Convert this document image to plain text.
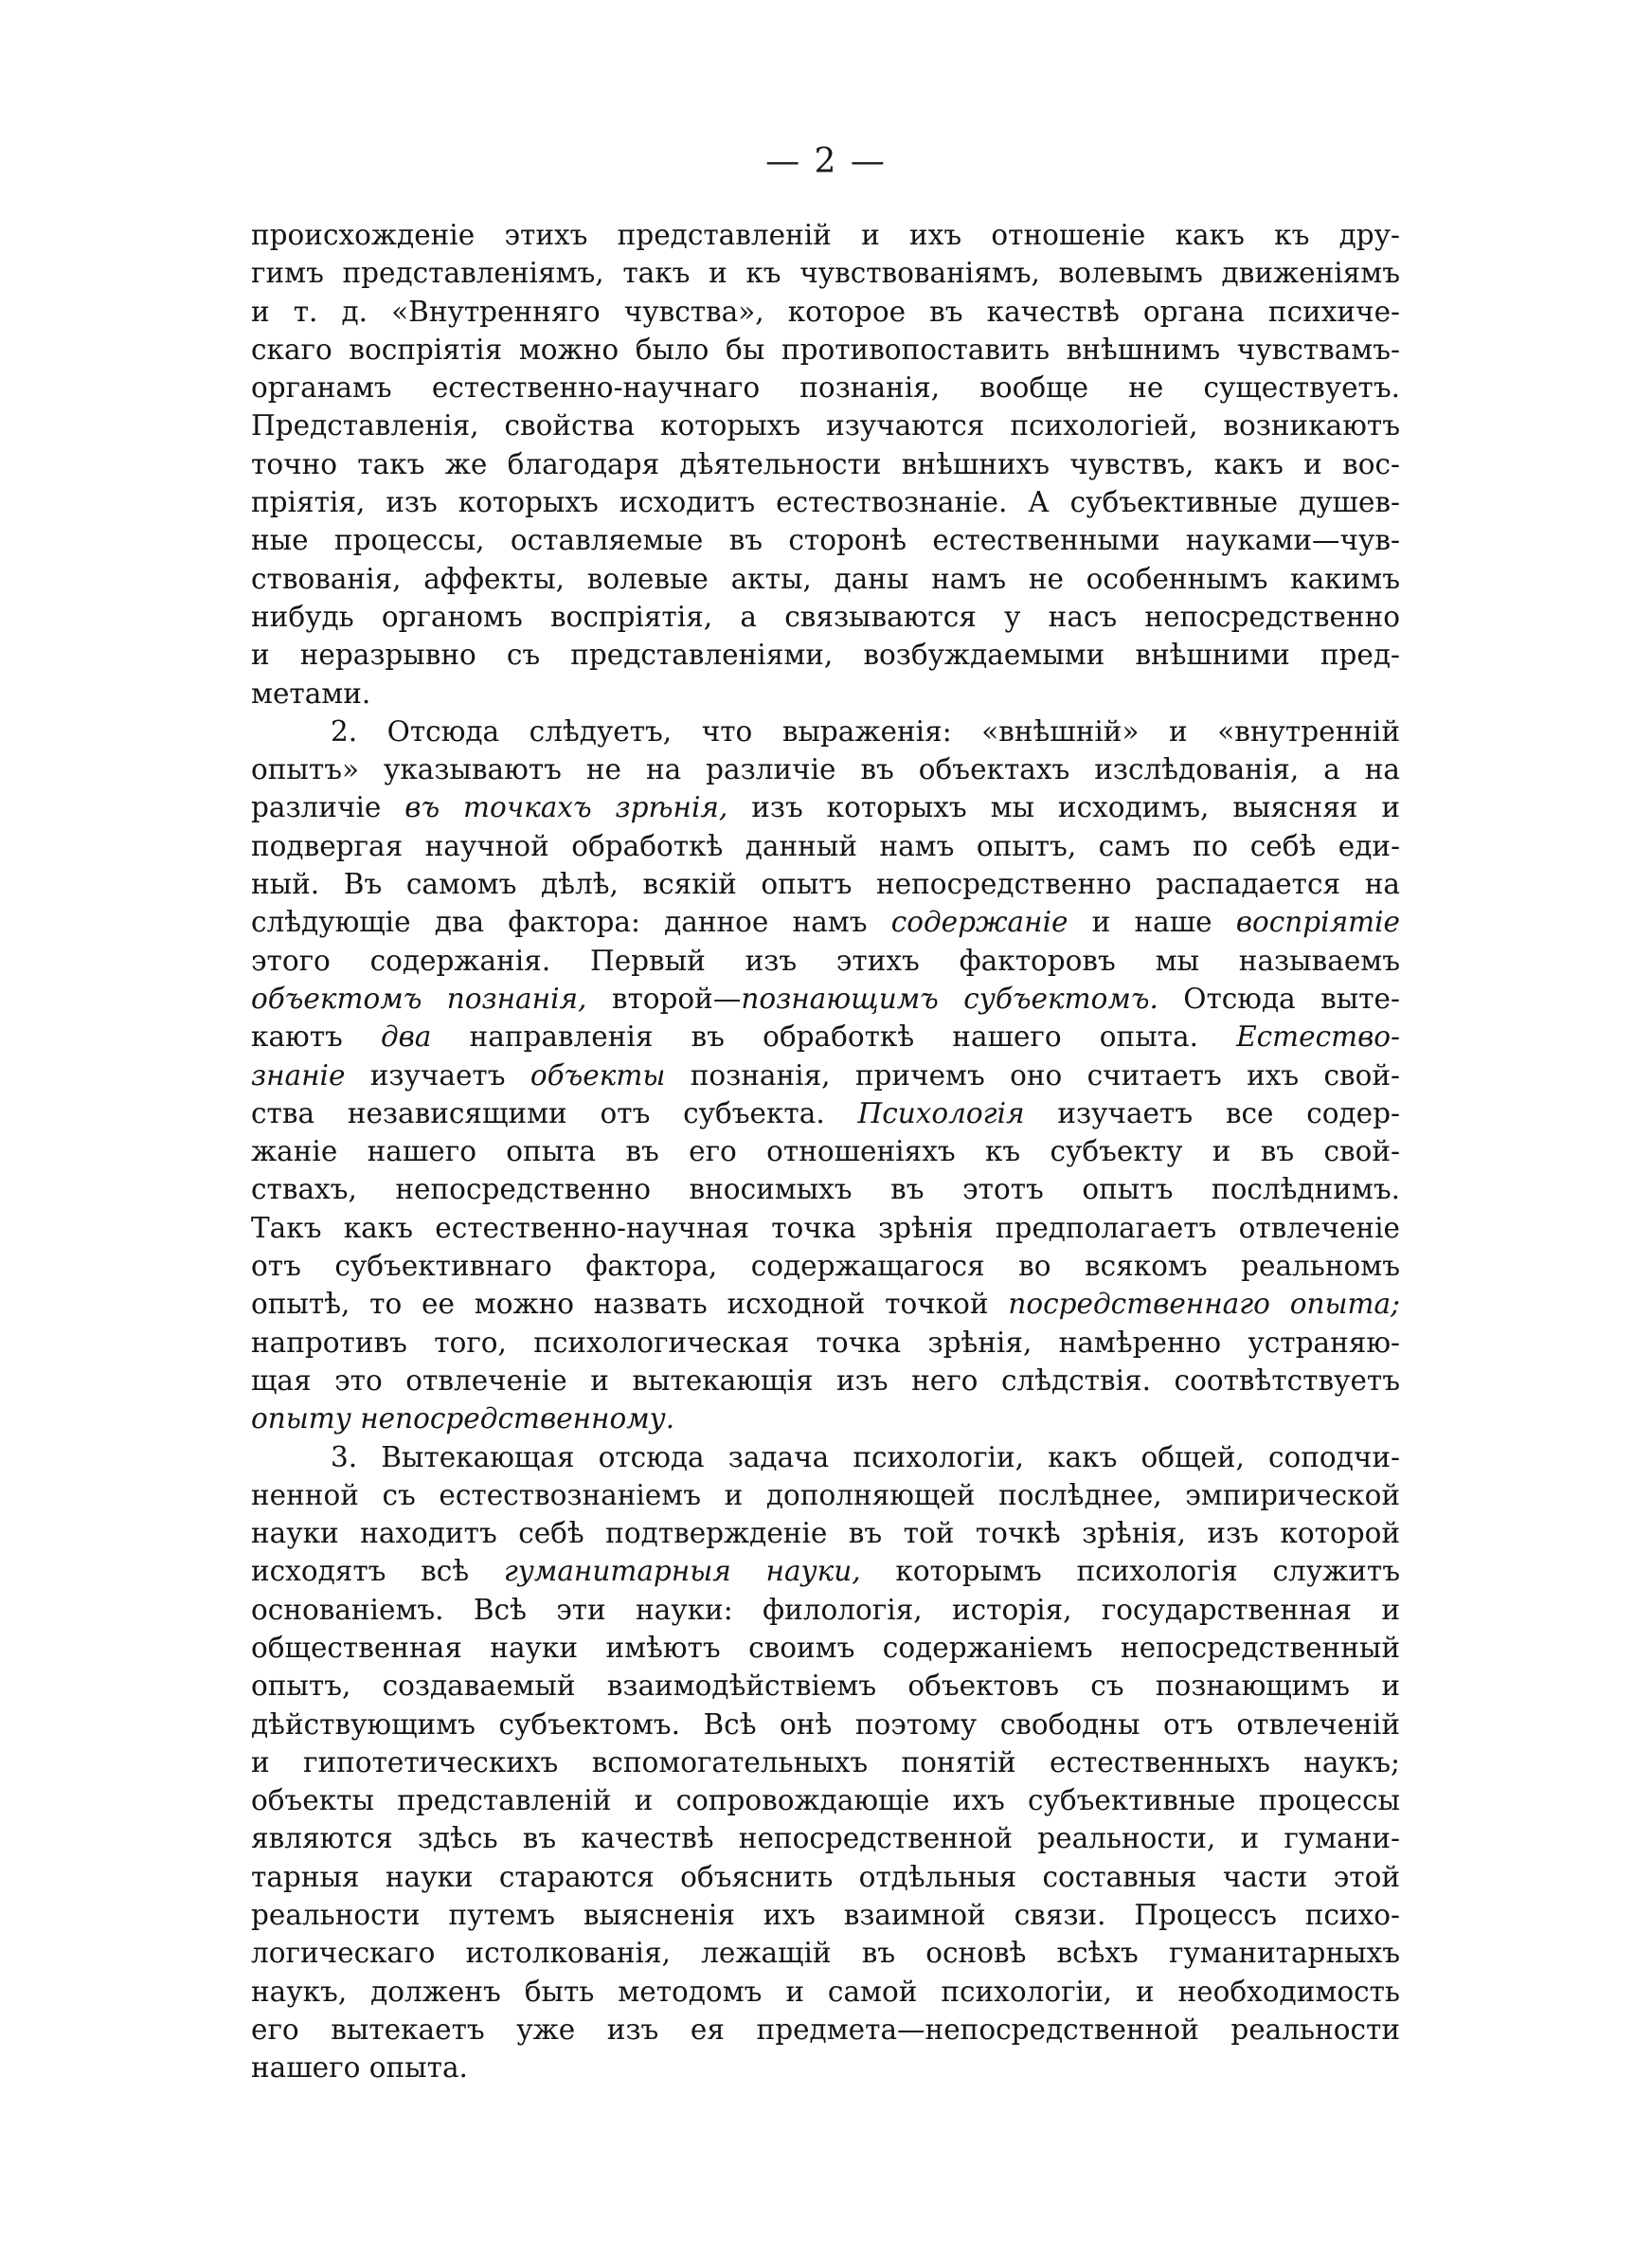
— 2 —
происхожденіе этихъ представленій и ихъ отношеніе какъ къ дру-
гимъ представленіямъ, такъ и къ чувствованіямъ, волевымъ движеніямъ
и т. д. «Внутренняго чувства», которое въ качествѣ органа психиче-
скаго воспріятія можно было бы противопоставить внѣшнимъ чувствамъ-
органамъ естественно-научнаго познанія, вообще не существуетъ.
Представленія, свойства которыхъ изучаются психологіей, возникаютъ
точно такъ же благодаря дѣятельности внѣшнихъ чувствъ, какъ и вос-
пріятія, изъ которыхъ исходитъ естествознаніе. А субъективные душев-
ные процессы, оставляемые въ сторонѣ естественными науками—чув-
ствованія, аффекты, волевые акты, даны намъ не особеннымъ какимъ
нибудь органомъ воспріятія, а связываются у насъ непосредственно
и неразрывно съ представленіями, возбуждаемыми внѣшними пред-
метами.
2. Отсюда слѣдуетъ, что выраженія: «внѣшній» и «внутренній
опытъ» указываютъ не на различіе въ объектахъ изслѣдованія, а на
различіе въ точкахъ зрѣнія, изъ которыхъ мы исходимъ, выясняя и
подвергая научной обработкѣ данный намъ опытъ, самъ по себѣ еди-
ный. Въ самомъ дѣлѣ, всякій опытъ непосредственно распадается на
слѣдующіе два фактора: данное намъ содержаніе и наше воспріятіе
этого содержанія. Первый изъ этихъ факторовъ мы называемъ
объектомъ познанія, второй—познающимъ субъектомъ. Отсюда выте-
каютъ два направленія въ обработкѣ нашего опыта. Естество-
знаніе изучаетъ объекты познанія, причемъ оно считаетъ ихъ свой-
ства независящими отъ субъекта. Психологія изучаетъ все содер-
жаніе нашего опыта въ его отношеніяхъ къ субъекту и въ свой-
ствахъ, непосредственно вносимыхъ въ этотъ опытъ послѣднимъ.
Такъ какъ естественно-научная точка зрѣнія предполагаетъ отвлеченіе
отъ субъективнаго фактора, содержащагося во всякомъ реальномъ
опытѣ, то ее можно назвать исходной точкой посредственнаго опыта;
напротивъ того, психологическая точка зрѣнія, намѣренно устраняю-
щая это отвлеченіе и вытекающія изъ него слѣдствія. соотвѣтствуетъ
опыту непосредственному.
3. Вытекающая отсюда задача психологіи, какъ общей, соподчи-
ненной съ естествознаніемъ и дополняющей послѣднее, эмпирической
науки находитъ себѣ подтвержденіе въ той точкѣ зрѣнія, изъ которой
исходятъ всѣ гуманитарныя науки, которымъ психологія служитъ
основаніемъ. Всѣ эти науки: филологія, исторія, государственная и
общественная науки имѣютъ своимъ содержаніемъ непосредственный
опытъ, создаваемый взаимодѣйствіемъ объектовъ съ познающимъ и
дѣйствующимъ субъектомъ. Всѣ онѣ поэтому свободны отъ отвлеченій
и гипотетическихъ вспомогательныхъ понятій естественныхъ наукъ;
объекты представленій и сопровождающіе ихъ субъективные процессы
являются здѣсь въ качествѣ непосредственной реальности, и гумани-
тарныя науки стараются объяснить отдѣльныя составныя части этой
реальности путемъ выясненія ихъ взаимной связи. Процессъ психо-
логическаго истолкованія, лежащій въ основѣ всѣхъ гуманитарныхъ
наукъ, долженъ быть методомъ и самой психологіи, и необходимость
его вытекаетъ уже изъ ея предмета—непосредственной реальности
нашего опыта.
